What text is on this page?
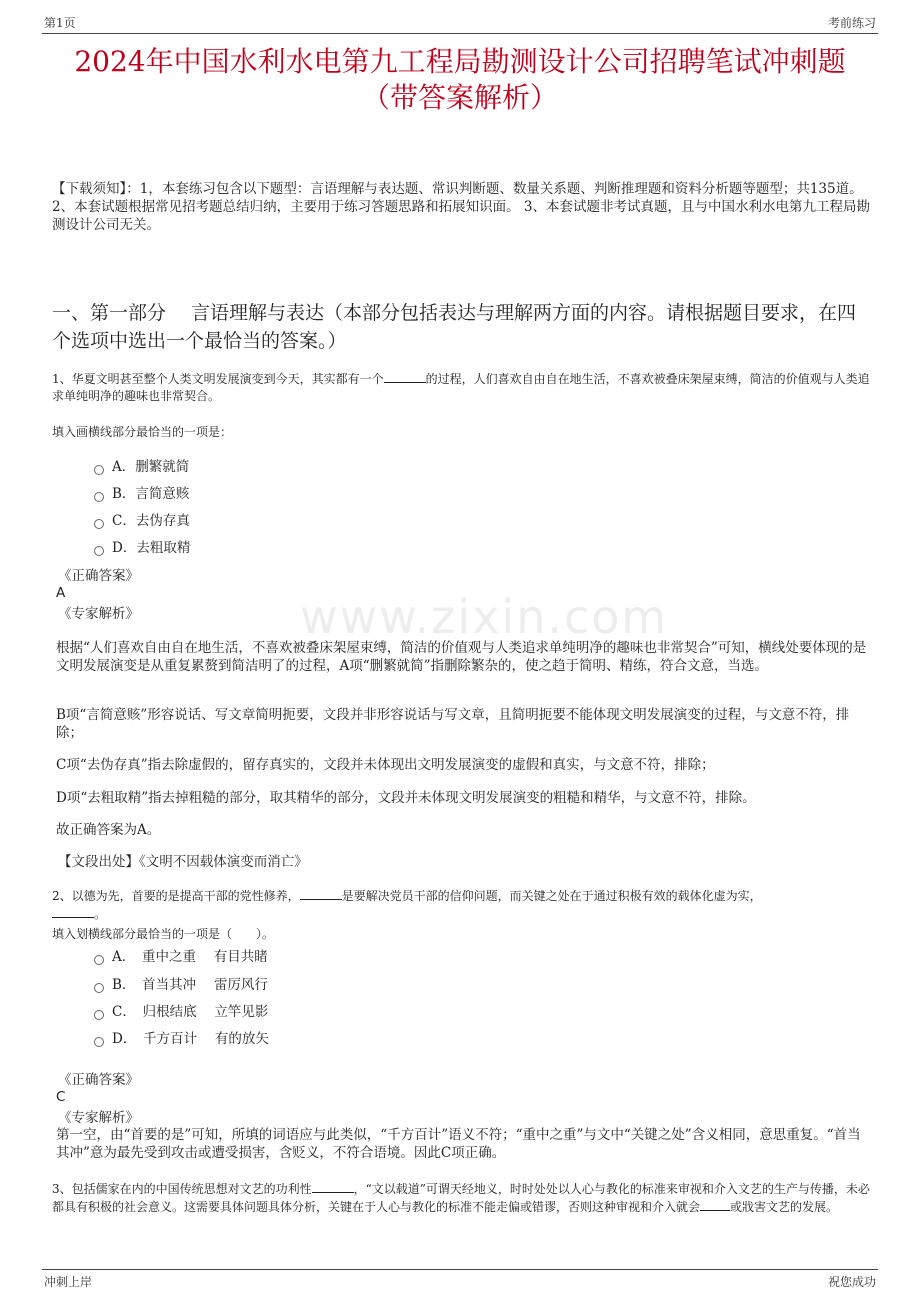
第1页	考前练习
2024年中国水利水电第九工程局勘测设计公司招聘笔试冲刺题
（带答案解析）
【下载须知】：1，本套练习包含以下题型：言语理解与表达题、常识判断题、数量关系题、判断推理题和资料分析题等题型；共135道。 2、本套试题根据常见招考题总结归纳，主要用于练习答题思路和拓展知识面。 3、本套试题非考试真题，且与中国水利水电第九工程局勘测设计公司无关。
www.zixin.com
一、第一部分　 言语理解与表达（本部分包括表达与理解两方面的内容。请根据题目要求，在四个选项中选出一个最恰当的答案。）
1、华夏文明甚至整个人类文明发展演变到今天，其实都有一个	的过程，人们喜欢自由自在地生活，不喜欢被叠床架屋束缚，简洁的价值观与人类追求单纯明净的趣味也非常契合。
填入画横线部分最恰当的一项是：
A．删繁就简
B．言简意赅
C．去伪存真
D．去粗取精
《正确答案》
A
《专家解析》
根据“人们喜欢自由自在地生活，不喜欢被叠床架屋束缚，简洁的价值观与人类追求单纯明净的趣味也非常契合”可知，横线处要体现的是文明发展演变是从重复累赘到简洁明了的过程，A项“删繁就简”指删除繁杂的，使之趋于简明、精练，符合文意，当选。
B项“言简意赅”形容说话、写文章简明扼要，文段并非形容说话与写文章，且简明扼要不能体现文明发展演变的过程，与文意不符，排除；
C项“去伪存真”指去除虚假的，留存真实的，文段并未体现出文明发展演变的虚假和真实，与文意不符，排除；
D项“去粗取精”指去掉粗糙的部分，取其精华的部分，文段并未体现文明发展演变的粗糙和精华，与文意不符，排除。
故正确答案为A。
【文段出处】《文明不因载体演变而消亡》
2、以德为先，首要的是提高干部的党性修养，	是要解决党员干部的信仰问题，而关键之处在于通过积极有效的载体化虚为实，。
填入划横线部分最恰当的一项是（　　）。
A．　重中之重　 有目共睹
B．　首当其冲　 雷厉风行
C．　归根结底　 立竿见影
D．　千方百计　 有的放矢
《正确答案》
C
《专家解析》
第一空，由“首要的是”可知，所填的词语应与此类似，“千方百计”语义不符；“重中之重”与文中“关键之处”含义相同，意思重复。“首当其冲”意为最先受到攻击或遭受损害，含贬义，不符合语境。因此C项正确。
3、包括儒家在内的中国传统思想对文艺的功利性	，“文以载道”可谓天经地义，时时处处以人心与教化的标准来审视和介入文艺的生产与传播，未必都具有积极的社会意义。这需要具体问题具体分析，关键在于人心与教化的标准不能走偏或错谬，否则这种审视和介入就会	或戕害文艺的发展。
冲刺上岸	祝您成功
